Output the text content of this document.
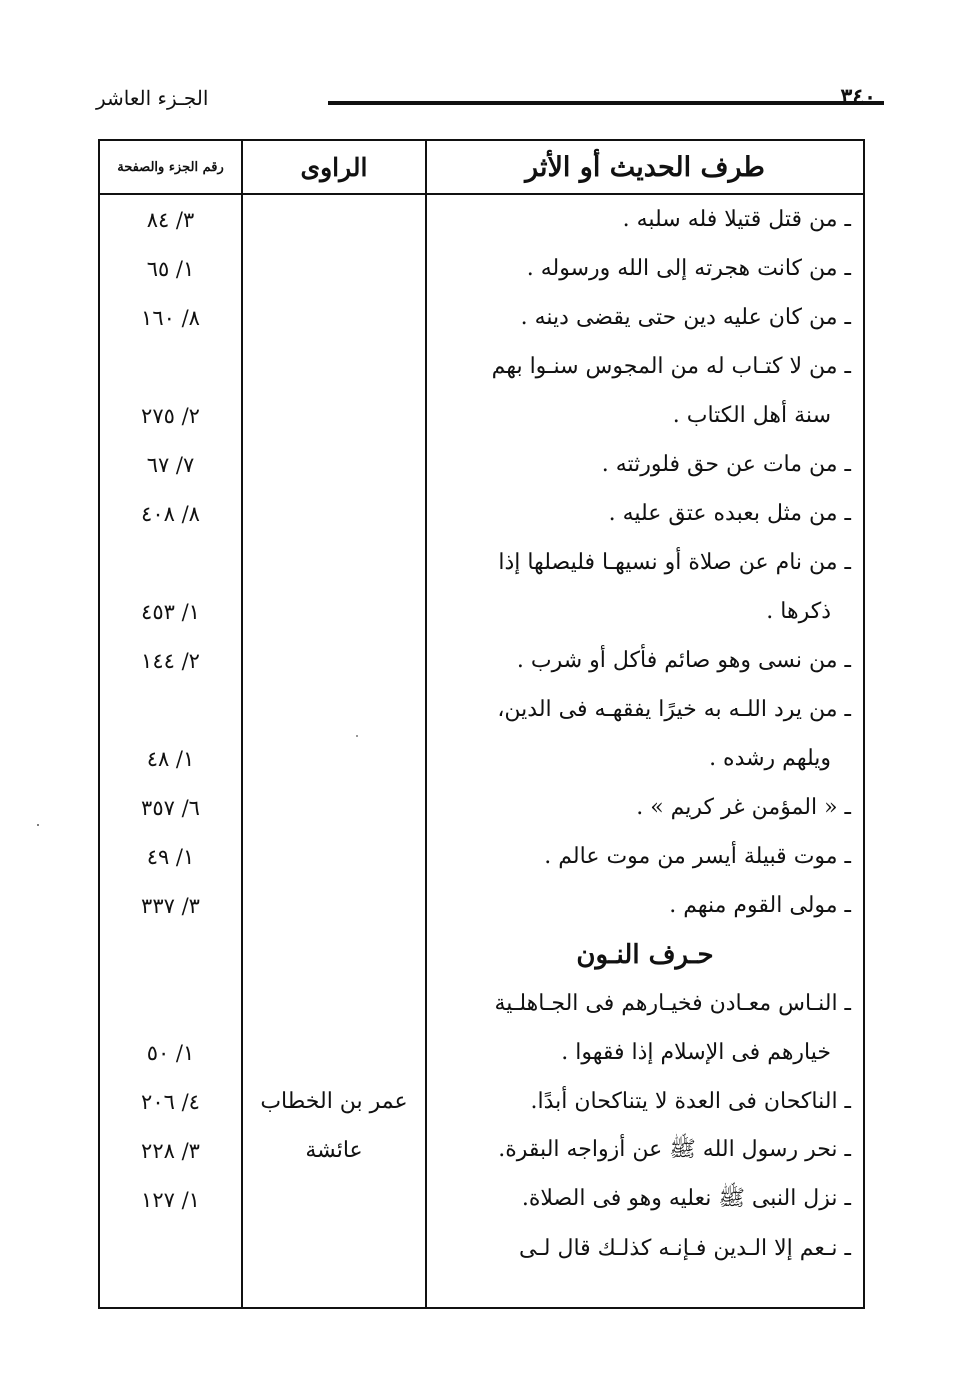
الجـزء العاشر	٣٤٠
طرف الحديث أو الأثر	الراوى	رقم الجزء والصفحة
ـ من قتل قتيلا فله سلبه .		٣/ ٨٤
ـ من كانت هجرته إلى الله ورسوله .		١/ ٦٥
ـ من كان عليه دين حتى يقضى دينه .		٨/ ١٦٠
ـ من لا كتـاب له من المجوس سنـوا بهم		
سنة أهل الكتاب .		٢/ ٢٧٥
ـ من مات عن حق فلورثته .		٧/ ٦٧
ـ من مثل بعبده عتق عليه .		٨/ ٤٠٨
ـ من نام عن صلاة أو نسيهـا فليصلها إذا		
ذكرها .		١/ ٤٥٣
ـ من نسى وهو صائم فأكل أو شرب .		٢/ ١٤٤
ـ من يرد اللـه به خيرًا يفقهـه فى الدين،		
ويلهم رشده .		١/ ٤٨
ـ « المؤمن غر كريم » .		٦/ ٣٥٧
ـ موت قبيلة أيسر من موت عالم .		١/ ٤٩
ـ مولى القوم منهم .		٣/ ٣٣٧
حـرف النـون		
ـ النـاس معـادن فخيـارهم فى الجـاهلـية		
خيارهم فى الإسلام إذا فقهوا .		١/ ٥٠
ـ الناكحان فى العدة لا يتناكحان أبدًا.	عمر بن الخطاب	٤/ ٢٠٦
ـ نحر رسول الله ﷺ عن أزواجه البقرة.	عائشة	٣/ ٢٢٨
ـ نزل النبى ﷺ نعليه وهو فى الصلاة.		١/ ١٢٧
ـ نـعم إلا الـدين فـإنـه كذلـك قال لـى		
